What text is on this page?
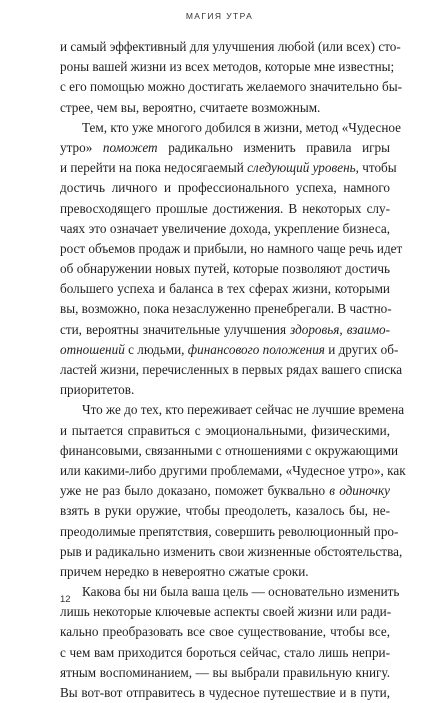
МАГИЯ УТРА
и самый эффективный для улучшения любой (или всех) сто-
роны вашей жизни из всех методов, которые мне известны;
с его помощью можно достигать желаемого значительно бы-
стрее, чем вы, вероятно, считаете возможным.
Тем, кто уже многого добился в жизни, метод «Чудесное
утро» поможет радикально изменить правила игры
и перейти на пока недосягаемый следующий уровень, чтобы
достичь личного и профессионального успеха, намного
превосходящего прошлые достижения. В некоторых слу-
чаях это означает увеличение дохода, укрепление бизнеса,
рост объемов продаж и прибыли, но намного чаще речь идет
об обнаружении новых путей, которые позволяют достичь
большего успеха и баланса в тех сферах жизни, которыми
вы, возможно, пока незаслуженно пренебрегали. В частно-
сти, вероятны значительные улучшения здоровья, взаимо-
отношений с людьми, финансового положения и других об-
ластей жизни, перечисленных в первых рядах вашего списка
приоритетов.
Что же до тех, кто переживает сейчас не лучшие времена
и пытается справиться с эмоциональными, физическими,
финансовыми, связанными с отношениями с окружающими
или какими-либо другими проблемами, «Чудесное утро», как
уже не раз было доказано, поможет буквально в одиночку
взять в руки оружие, чтобы преодолеть, казалось бы, не-
преодолимые препятствия, совершить революционный про-
рыв и радикально изменить свои жизненные обстоятельства,
причем нередко в невероятно сжатые сроки.
Какова бы ни была ваша цель — основательно изменить
лишь некоторые ключевые аспекты своей жизни или ради-
кально преобразовать все свое существование, чтобы все,
с чем вам приходится бороться сейчас, стало лишь непри-
ятным воспоминанием, — вы выбрали правильную книгу.
Вы вот-вот отправитесь в чудесное путешествие и в пути,
12
